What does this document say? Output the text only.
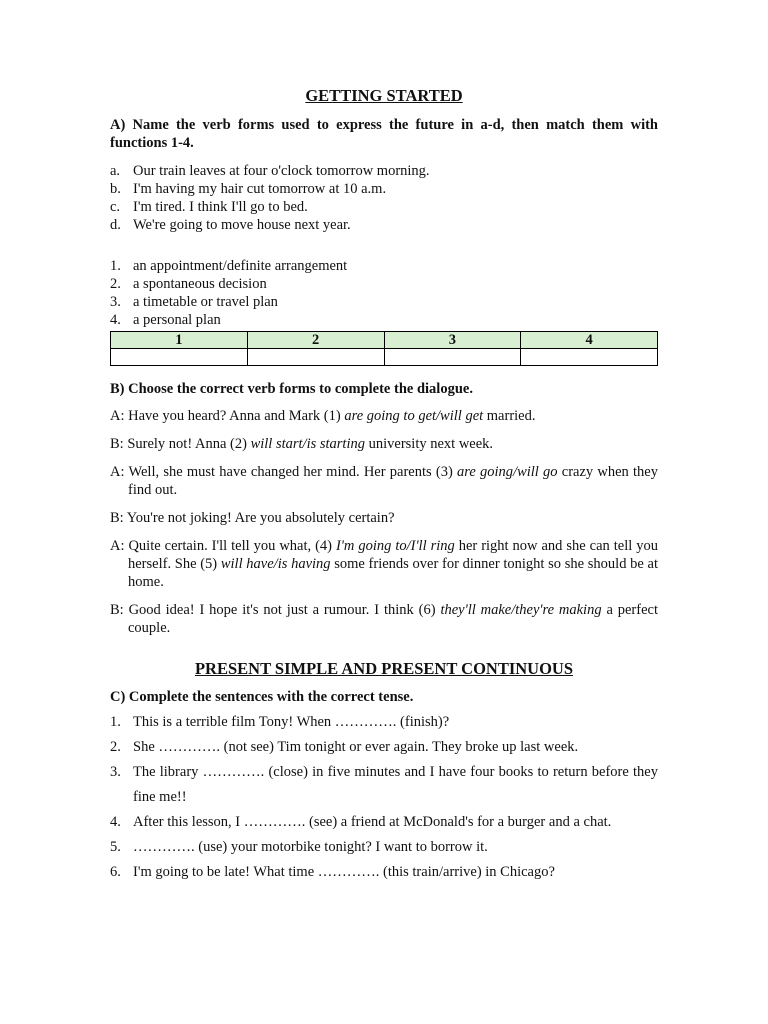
GETTING STARTED

A) Name the verb forms used to express the future in a-d, then match them with functions 1-4.

a. Our train leaves at four o'clock tomorrow morning.
b. I'm having my hair cut tomorrow at 10 a.m.
c. I'm tired. I think I'll go to bed.
d. We're going to move house next year.
1. an appointment/definite arrangement
2. a spontaneous decision
3. a timetable or travel plan
4. a personal plan
1	2	3	4

B) Choose the correct verb forms to complete the dialogue.

A: Have you heard? Anna and Mark (1) are going to get/will get married.

B: Surely not! Anna (2) will start/is starting university next week.

A: Well, she must have changed her mind. Her parents (3) are going/will go crazy when they find out.

B: You're not joking! Are you absolutely certain?

A: Quite certain. I'll tell you what, (4) I'm going to/I'll ring her right now and she can tell you herself. She (5) will have/is having some friends over for dinner tonight so she should be at home.

B: Good idea! I hope it's not just a rumour. I think (6) they'll make/they're making a perfect couple.

PRESENT SIMPLE AND PRESENT CONTINUOUS

C) Complete the sentences with the correct tense.

1. This is a terrible film Tony! When …………. (finish)?
2. She …………. (not see) Tim tonight or ever again. They broke up last week.
3. The library …………. (close) in five minutes and I have four books to return before they fine me!!
4. After this lesson, I …………. (see) a friend at McDonald's for a burger and a chat.
5. …………. (use) your motorbike tonight? I want to borrow it.
6. I'm going to be late! What time …………. (this train/arrive) in Chicago?
